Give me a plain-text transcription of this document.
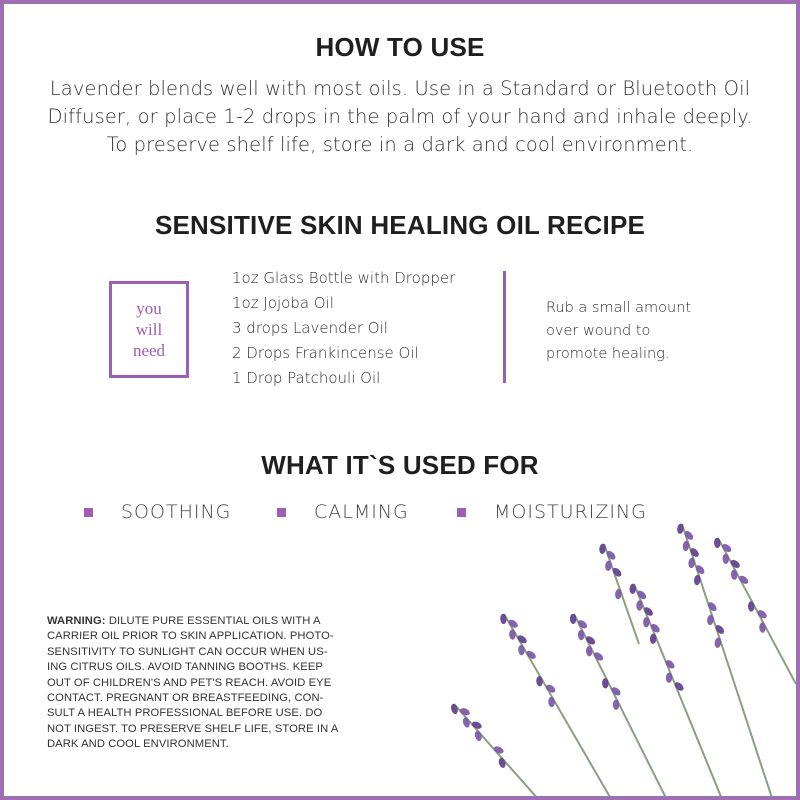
HOW TO USE
Lavender blends well with most oils. Use in a Standard or Bluetooth Oil
Diffuser, or place 1-2 drops in the palm of your hand and inhale deeply.
To preserve shelf life, store in a dark and cool environment.
SENSITIVE SKIN HEALING OIL RECIPE
you
will
need
1oz Glass Bottle with Dropper
1oz Jojoba Oil
3 drops Lavender Oil
2 Drops Frankincense Oil
1 Drop Patchouli Oil
Rub a small amount
over wound to
promote healing.
WHAT IT`S USED FOR
SOOTHING	CALMING	MOISTURIZING
WARNING: DILUTE PURE ESSENTIAL OILS WITH A
CARRIER OIL PRIOR TO SKIN APPLICATION. PHOTO-
SENSITIVITY TO SUNLIGHT CAN OCCUR WHEN US-
ING CITRUS OILS. AVOID TANNING BOOTHS. KEEP
OUT OF CHILDREN'S AND PET'S REACH. AVOID EYE
CONTACT. PREGNANT OR BREASTFEEDING, CON-
SULT A HEALTH PROFESSIONAL BEFORE USE. DO
NOT INGEST. TO PRESERVE SHELF LIFE, STORE IN A
DARK AND COOL ENVIRONMENT.
